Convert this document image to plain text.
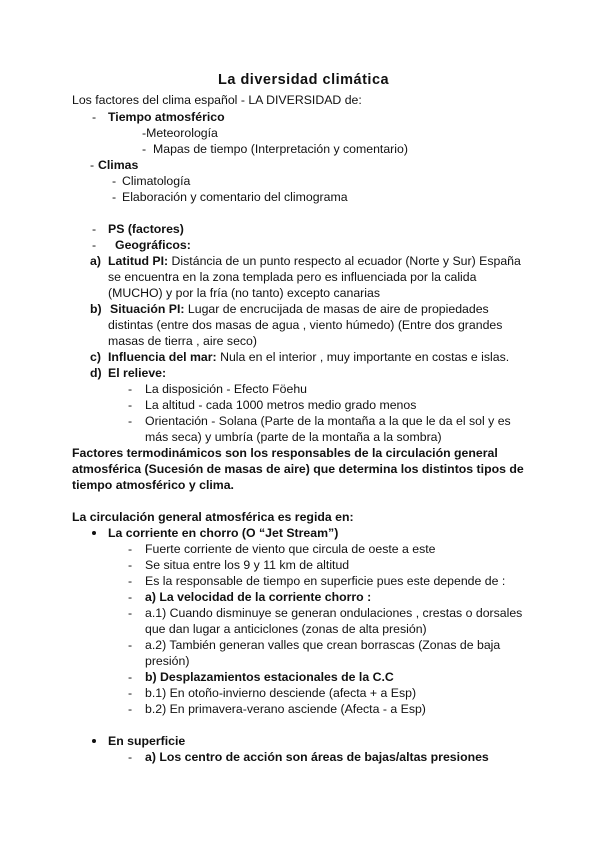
La diversidad climática
Los factores del clima español - LA DIVERSIDAD de:
- Tiempo atmosférico
-Meteorología
- Mapas de tiempo (Interpretación y comentario)
- Climas
- Climatología
- Elaboración y comentario del climograma
- PS (factores)
- Geográficos:
a) Latitud PI: Distáncia de un punto respecto al ecuador (Norte y Sur) España
se encuentra en la zona templada pero es influenciada por la calida
(MUCHO) y por la fría (no tanto) excepto canarias
b) Situación PI: Lugar de encrucijada de masas de aire de propiedades
distintas (entre dos masas de agua , viento húmedo) (Entre dos grandes
masas de tierra , aire seco)
c) Influencia del mar: Nula en el interior , muy importante en costas e islas.
d) El relieve:
- La disposición - Efecto Föehu
- La altitud - cada 1000 metros medio grado menos
- Orientación - Solana (Parte de la montaña a la que le da el sol y es
más seca) y umbría (parte de la montaña a la sombra)
Factores termodinámicos son los responsables de la circulación general
atmosférica (Sucesión de masas de aire) que determina los distintos tipos de
tiempo atmosférico y clima.
La circulación general atmosférica es regida en:
La corriente en chorro (O “Jet Stream”)
- Fuerte corriente de viento que circula de oeste a este
- Se situa entre los 9 y 11 km de altitud
- Es la responsable de tiempo en superficie pues este depende de :
- a) La velocidad de la corriente chorro :
- a.1) Cuando disminuye se generan ondulaciones , crestas o dorsales
que dan lugar a anticiclones (zonas de alta presión)
- a.2) También generan valles que crean borrascas (Zonas de baja
presión)
- b) Desplazamientos estacionales de la C.C
- b.1) En otoño-invierno desciende (afecta + a Esp)
- b.2) En primavera-verano asciende (Afecta - a Esp)
En superficie
- a) Los centro de acción son áreas de bajas/altas presiones
